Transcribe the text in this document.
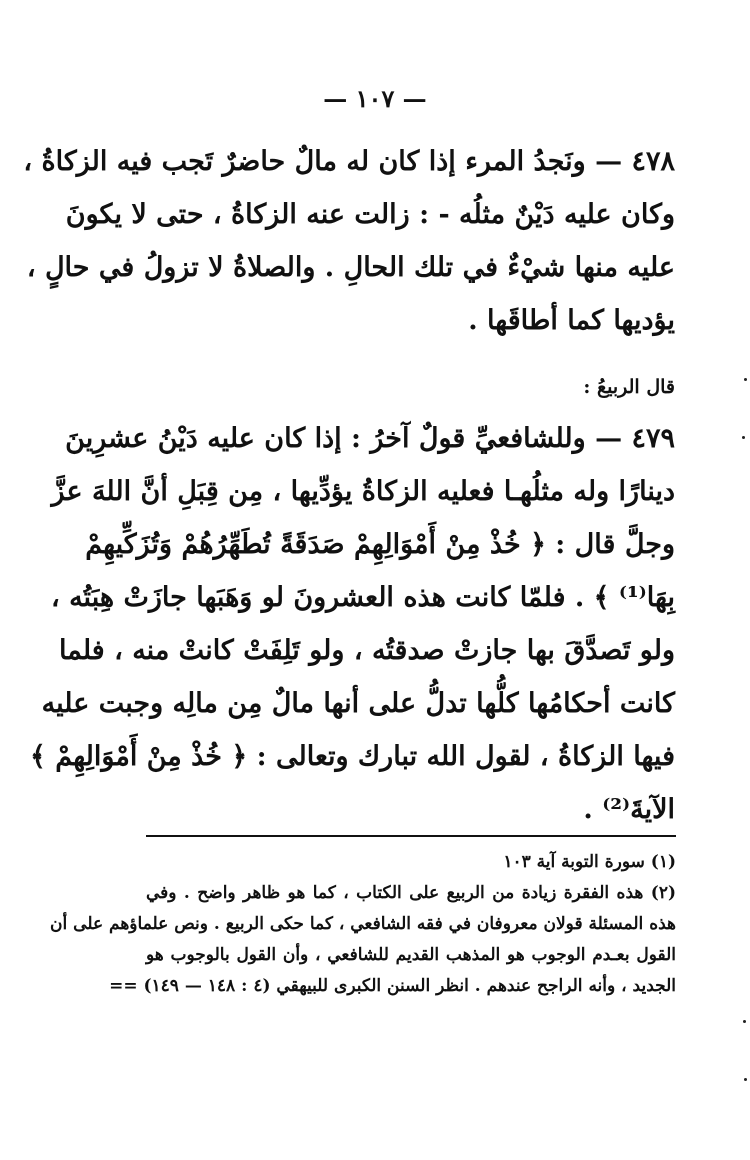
— ١٠٧ —
٤٧٨ — ونَجدُ المرء إذا كان له مالٌ حاضرٌ تَجب فيه الزكاةُ ،
وكان عليه دَيْنٌ مثلُه - : زالت عنه الزكاةُ ، حتى لا يكونَ
عليه منها شيْءٌ في تلك الحالِ . والصلاةُ لا تزولُ في حالٍ ،
يؤديها كما أطاقَها .
قال الربيعُ :
٤٧٩ — وللشافعيِّ قولٌ آخرُ : إذا كان عليه دَيْنُ عشرِينَ
دينارًا وله مثلُهـا فعليه الزكاةُ يؤدِّيها ، مِن قِبَلِ أنَّ اللهَ عزَّ
وجلَّ قال : ﴿ خُذْ مِنْ أَمْوَالِهِمْ صَدَقَةً تُطَهِّرُهُمْ وَتُزَكِّيهِمْ
بِهَا⁽¹⁾ ﴾ . فلمّا كانت هذه العشرونَ لو وَهَبَها جازَتْ هِبَتُه ،
ولو تَصدَّقَ بها جازتْ صدقتُه ، ولو تَلِفَتْ كانتْ منه ، فلما
كانت أحكامُها كلُّها تدلُّ على أنها مالٌ مِن مالِه وجبت عليه
فيها الزكاةُ ، لقول الله تبارك وتعالى : ﴿ خُذْ مِنْ أَمْوَالِهِمْ ﴾
الآيةَ⁽²⁾ .
(١) سورة التوبة آية ١٠٣
(٢) هذه الفقرة زيادة من الربيع على الكتاب ، كما هو ظاهر واضح . وفي
هذه المسئلة قولان معروفان في فقه الشافعي ، كما حكى الربيع . ونص علماؤهم على أن
القول بعـدم الوجوب هو المذهب القديم للشافعي ، وأن القول بالوجوب هو
الجديد ، وأنه الراجح عندهم . انظر السنن الكبرى للبيهقي (٤ : ١٤٨ — ١٤٩) ==
